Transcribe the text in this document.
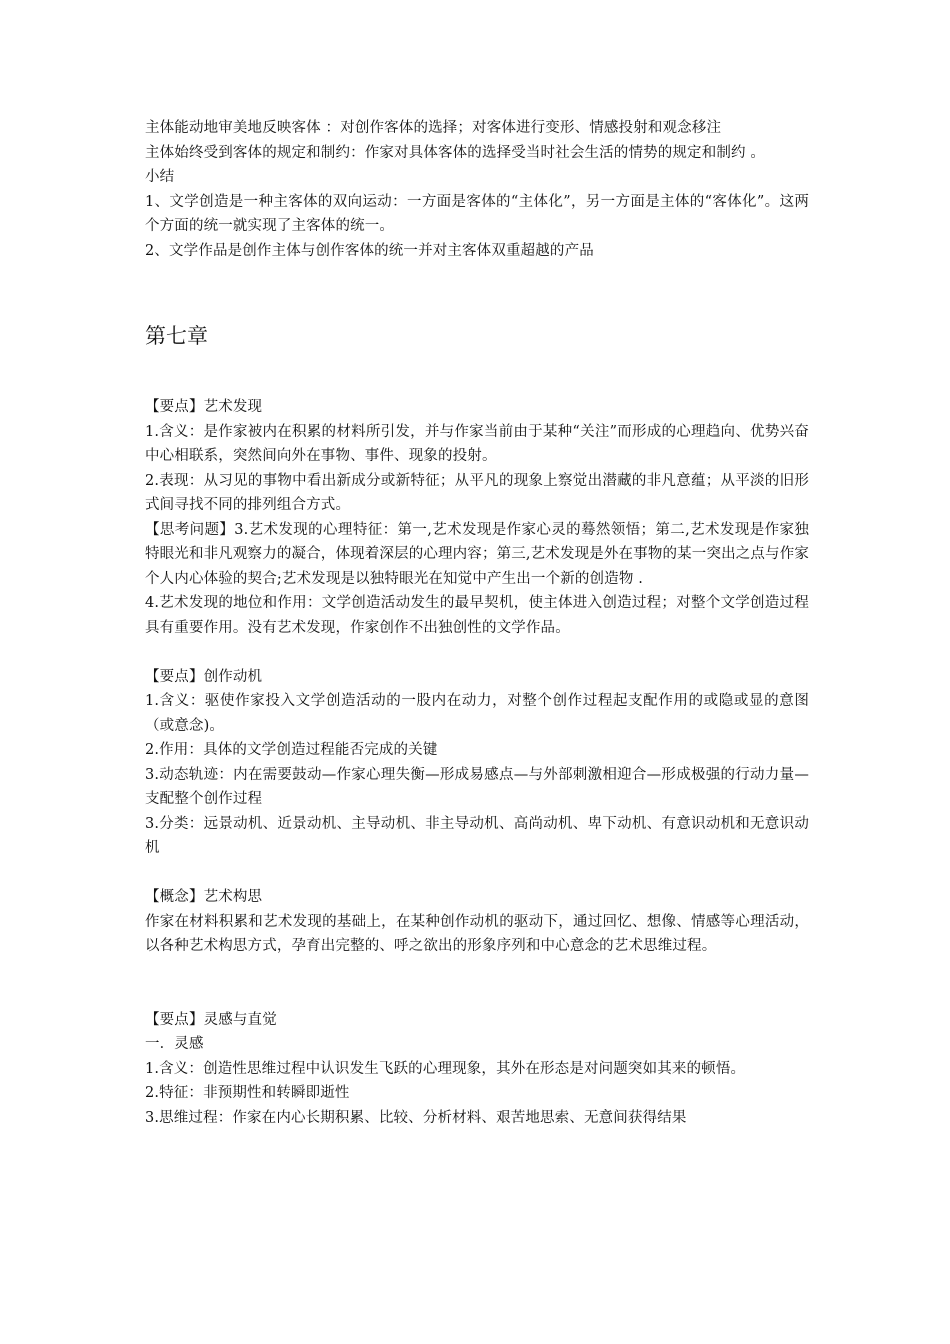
主体能动地审美地反映客体 ：对创作客体的选择；对客体进行变形、情感投射和观念移注

主体始终受到客体的规定和制约：作家对具体客体的选择受当时社会生活的情势的规定和制约 。

小结

1、文学创造是一种主客体的双向运动：一方面是客体的“主体化”，另一方面是主体的“客体化”。这两个方面的统一就实现了主客体的统一。

2、文学作品是创作主体与创作客体的统一并对主客体双重超越的产品

第七章

【要点】艺术发现

1.含义：是作家被内在积累的材料所引发，并与作家当前由于某种“关注”而形成的心理趋向、优势兴奋中心相联系，突然间向外在事物、事件、现象的投射。

2.表现：从习见的事物中看出新成分或新特征；从平凡的现象上察觉出潜藏的非凡意蕴；从平淡的旧形式间寻找不同的排列组合方式。

【思考问题】3.艺术发现的心理特征：第一,艺术发现是作家心灵的蓦然领悟；第二,艺术发现是作家独特眼光和非凡观察力的凝合，体现着深层的心理内容；第三,艺术发现是外在事物的某一突出之点与作家个人内心体验的契合;艺术发现是以独特眼光在知觉中产生出一个新的创造物 .

4.艺术发现的地位和作用：文学创造活动发生的最早契机，使主体进入创造过程；对整个文学创造过程具有重要作用。没有艺术发现，作家创作不出独创性的文学作品。

【要点】创作动机

1.含义：驱使作家投入文学创造活动的一股内在动力，对整个创作过程起支配作用的或隐或显的意图（或意念)。

2.作用：具体的文学创造过程能否完成的关键

3.动态轨迹：内在需要鼓动—作家心理失衡—形成易感点—与外部刺激相迎合—形成极强的行动力量—支配整个创作过程

3.分类：远景动机、近景动机、主导动机、非主导动机、高尚动机、卑下动机、有意识动机和无意识动机

【概念】艺术构思

作家在材料积累和艺术发现的基础上，在某种创作动机的驱动下，通过回忆、想像、情感等心理活动，以各种艺术构思方式，孕育出完整的、呼之欲出的形象序列和中心意念的艺术思维过程。

【要点】灵感与直觉

一．灵感

1.含义：创造性思维过程中认识发生飞跃的心理现象，其外在形态是对问题突如其来的顿悟。

2.特征：非预期性和转瞬即逝性

3.思维过程：作家在内心长期积累、比较、分析材料、艰苦地思索、无意间获得结果
